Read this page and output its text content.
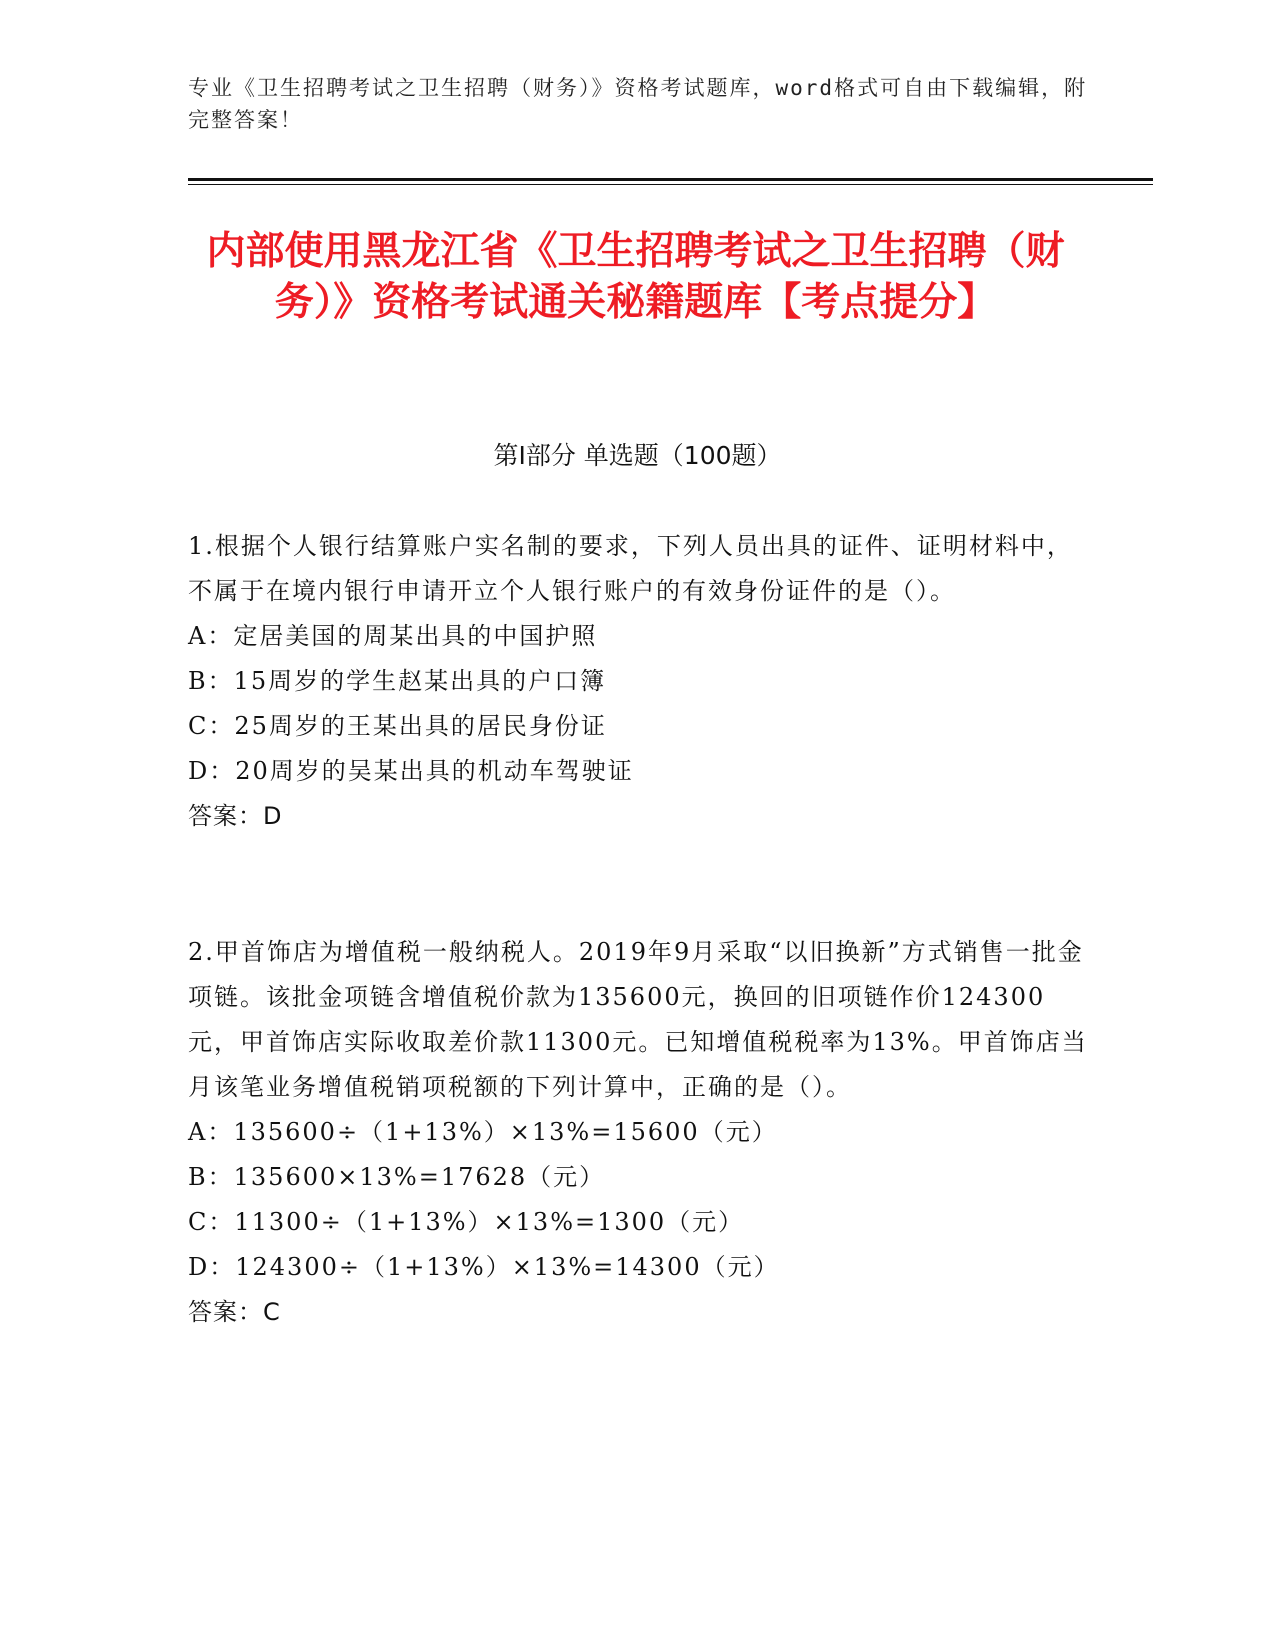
专业《卫生招聘考试之卫生招聘（财务）》资格考试题库，word格式可自由下载编辑，附完整答案！
内部使用黑龙江省《卫生招聘考试之卫生招聘（财务）》资格考试通关秘籍题库【考点提分】
第I部分 单选题（100题）
1.根据个人银行结算账户实名制的要求，下列人员出具的证件、证明材料中，不属于在境内银行申请开立个人银行账户的有效身份证件的是（）。
A：定居美国的周某出具的中国护照
B：15周岁的学生赵某出具的户口簿
C：25周岁的王某出具的居民身份证
D：20周岁的吴某出具的机动车驾驶证
答案：D
2.甲首饰店为增值税一般纳税人。2019年9月采取“以旧换新”方式销售一批金项链。该批金项链含增值税价款为135600元，换回的旧项链作价124300元，甲首饰店实际收取差价款11300元。已知增值税税率为13%。甲首饰店当月该笔业务增值税销项税额的下列计算中，正确的是（）。
A：135600÷（1+13%）×13%=15600（元）
B：135600×13%=17628（元）
C：11300÷（1+13%）×13%=1300（元）
D：124300÷（1+13%）×13%=14300（元）
答案：C
